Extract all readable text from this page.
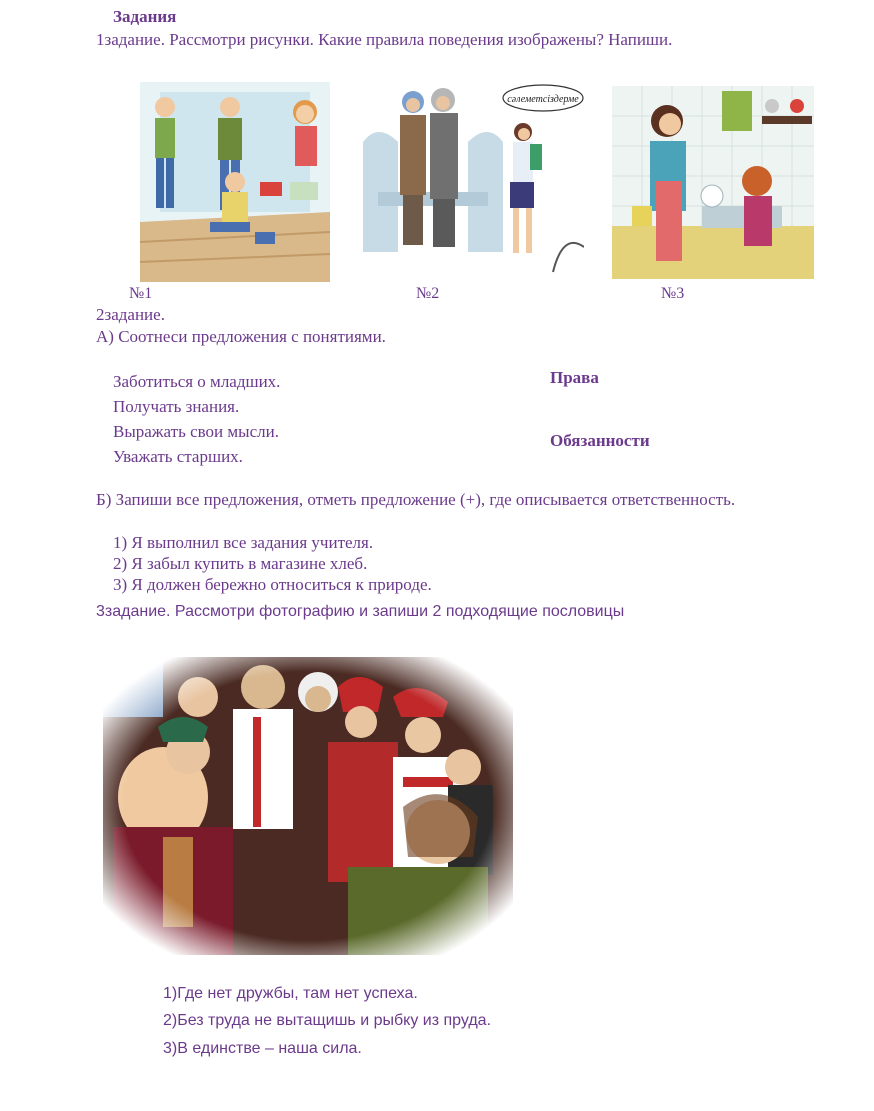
Задания
1задание. Рассмотри рисунки. Какие правила поведения изображены? Напиши.
сәлеметсіздерме
№1	№2	№3
2задание.
А) Соотнеси предложения с понятиями.
Заботиться о младших.
Получать знания.
Выражать свои мысли.
Уважать старших.
Права
Обязанности
Б) Запиши все предложения, отметь предложение (+), где описывается ответственность.
1) Я выполнил все задания учителя.
2) Я забыл купить в магазине хлеб.
3) Я должен бережно относиться к природе.
3задание. Рассмотри фотографию и запиши 2 подходящие пословицы
1)Где нет дружбы, там нет успеха.
2)Без труда не вытащишь и рыбку из пруда.
3)В единстве – наша сила.
